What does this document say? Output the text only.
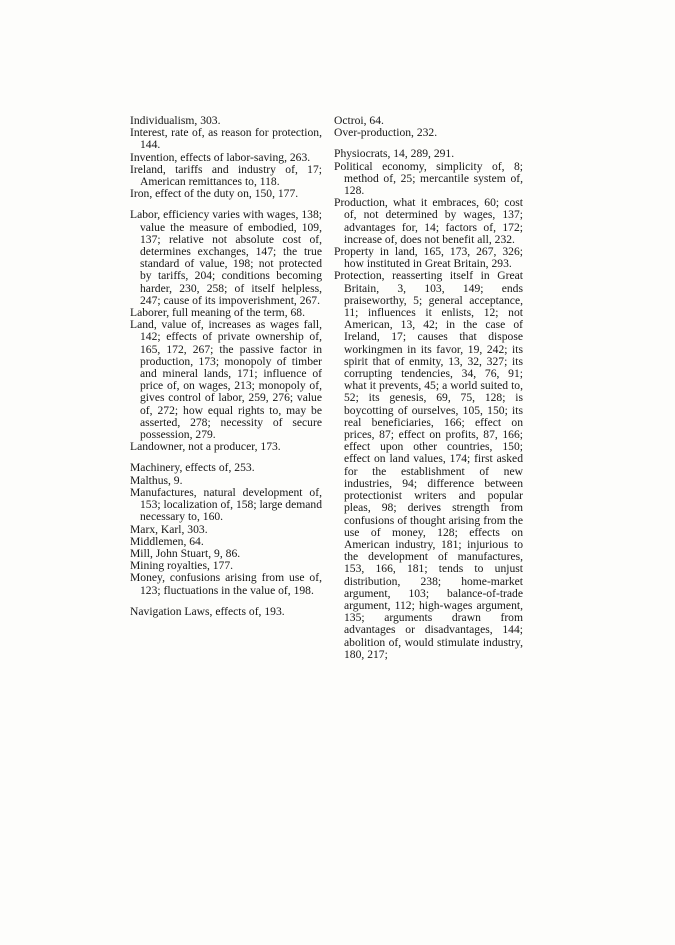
Individualism, 303.

Interest, rate of, as reason for protection, 144.

Invention, effects of labor-saving, 263.

Ireland, tariffs and industry of, 17; American remittances to, 118.

Iron, effect of the duty on, 150, 177.

Labor, efficiency varies with wages, 138; value the measure of embodied, 109, 137; relative not absolute cost of, determines exchanges, 147; the true standard of value, 198; not protected by tariffs, 204; conditions becoming harder, 230, 258; of itself helpless, 247; cause of its impoverishment, 267.

Laborer, full meaning of the term, 68.

Land, value of, increases as wages fall, 142; effects of private ownership of, 165, 172, 267; the passive factor in production, 173; monopoly of timber and mineral lands, 171; influence of price of, on wages, 213; monopoly of, gives control of labor, 259, 276; value of, 272; how equal rights to, may be asserted, 278; necessity of secure possession, 279.

Landowner, not a producer, 173.

Machinery, effects of, 253.

Malthus, 9.

Manufactures, natural development of, 153; localization of, 158; large demand necessary to, 160.

Marx, Karl, 303.

Middlemen, 64.

Mill, John Stuart, 9, 86.

Mining royalties, 177.

Money, confusions arising from use of, 123; fluctuations in the value of, 198.

Navigation Laws, effects of, 193.

Octroi, 64.

Over-production, 232.

Physiocrats, 14, 289, 291.

Political economy, simplicity of, 8; method of, 25; mercantile system of, 128.

Production, what it embraces, 60; cost of, not determined by wages, 137; advantages for, 14; factors of, 172; increase of, does not benefit all, 232.

Property in land, 165, 173, 267, 326; how instituted in Great Britain, 293.

Protection, reasserting itself in Great Britain, 3, 103, 149; ends praiseworthy, 5; general acceptance, 11; influences it enlists, 12; not American, 13, 42; in the case of Ireland, 17; causes that dispose workingmen in its favor, 19, 242; its spirit that of enmity, 13, 32, 327; its corrupting tendencies, 34, 76, 91; what it prevents, 45; a world suited to, 52; its genesis, 69, 75, 128; is boycotting of ourselves, 105, 150; its real beneficiaries, 166; effect on prices, 87; effect on profits, 87, 166; effect upon other countries, 150; effect on land values, 174; first asked for the establishment of new industries, 94; difference between protectionist writers and popular pleas, 98; derives strength from confusions of thought arising from the use of money, 128; effects on American industry, 181; injurious to the development of manufactures, 153, 166, 181; tends to unjust distribution, 238; home-market argument, 103; balance-of-trade argument, 112; high-wages argument, 135; arguments drawn from advantages or disadvantages, 144; abolition of, would stimulate industry, 180, 217;
